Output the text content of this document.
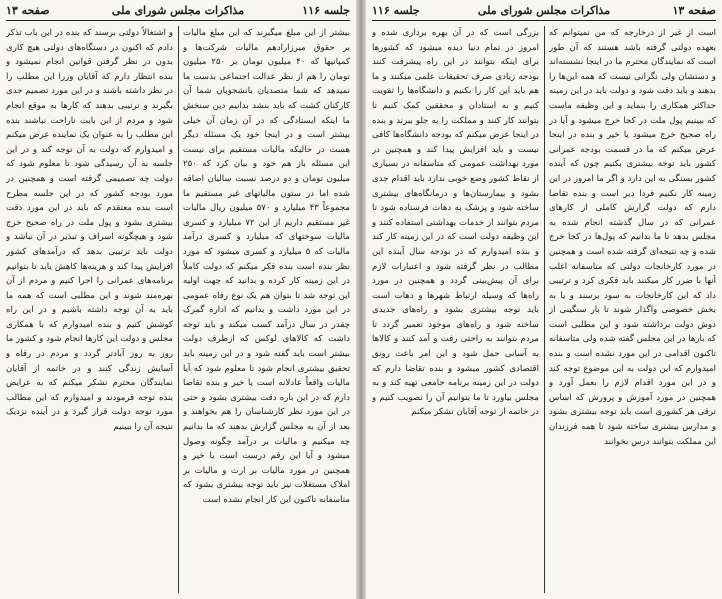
جلسه ۱۱۶
مذاکرات مجلس شورای ملی
صفحه ۱۳

بیشتر از این مبلغ میگیرند که این مبلغ مالیات بر حقوق میرزارادهم مالیات شرکت‌ها و کمپانیها که ۴۰ میلیون تومان بر ۲۵۰ میلیون تومان را هم از نظر عدالت اجتماعی بدست ما نمیدهد که شما متصدیان بانشجویان شما آن کارکنان کشت که باید بنشد بدانیم دین سنخش ما اینکه ایستادگی که در آن زمان آن خیلی بیشتر است و در اینجا خود یک مسئله دیگر هست در حالیکه مالیات مستقیم برای نیست این مسئله باز هم خود و بیان کرد که ۲۵۰ میلیون تومان و دو درصد نسبت سالیان اضافه شده اما در ستون مالیاتهای غیر مستقیم ما مجموعاً ۴۳ میلیارد و ۵۷۰ میلیون ریال مالیات غیر مستقیم داریم از این ۷۲ میلیارد و کسری مالیات سوختهای که میلیارد و کسری درآمد مالیات که ۵ میلیارد و کسری میشود که مورد نظر بنده است بنده فکر میکنم که دولت کاملاً در این زمینه کار کرده و بدانید که جهت اولیه این توجه شد تا بتوان هم یک نوع رفاه عمومی در این مورد داشت و بدانیم که اداره گمرک چقدر در سال درآمد کسب میکند و باید توجه داشت که کالاهای لوکس که ازطرف دولت بیشتر است باید گفته شود و در این زمینه باید تحقیق بیشتری انجام شود تا معلوم شود که آیا مالیات واقعاً عادلانه است یا خیر و بنده تقاضا دارم که در این باره دقت بیشتری بشود و حتی در این مورد نظر کارشناسان را هم بخواهند و بعد از آن به مجلس گزارش بدهند که ما بدانیم چه میکنیم و مالیات بر درآمد چگونه وصول میشود و آیا این رقم درست است یا خیر و همچنین در مورد مالیات بر ارث و مالیات بر املاک مستغلات نیز باید توجه بیشتری بشود که متاسفانه تاکنون این کار انجام نشده است

و اشتغالاً دولتی برسند که بنده در این باب تذکر دادم که اکنون در دستگاه‌های دولتی هیچ کاری بدون در نظر گرفتن قوانین انجام نمیشود و بنده انتظار دارم که آقایان وزرا این مطلب را در نظر داشته باشند و در این مورد تصمیم جدی بگیرند و ترتیبی بدهند که کارها به موقع انجام شود و مردم از این بابت ناراحت نباشند بنده این مطلب را به عنوان یک نماینده عرض میکنم و امیدوارم که دولت به آن توجه کند و در این جلسه به آن رسیدگی شود تا معلوم شود که دولت چه تصمیمی گرفته است و همچنین در مورد بودجه کشور که در این جلسه مطرح است بنده معتقدم که باید در این مورد دقت بیشتری بشود و پول ملت در راه صحیح خرج شود و هیچگونه اسراف و تبذیر در آن نباشد و دولت باید ترتیبی بدهد که درآمدهای کشور افزایش پیدا کند و هزینه‌ها کاهش یابد تا بتوانیم برنامه‌های عمرانی را اجرا کنیم و مردم از آن بهره‌مند شوند و این مطلبی است که همه ما باید به آن توجه داشته باشیم و در این راه کوشش کنیم و بنده امیدوارم که با همکاری مجلس و دولت این کارها انجام شود و کشور ما روز به روز آبادتر گردد و مردم در رفاه و آسایش زندگی کنند و در خاتمه از آقایان نمایندگان محترم تشکر میکنم که به عرایض بنده توجه فرمودند و امیدوارم که این مطالب مورد توجه دولت قرار گیرد و در آینده نزدیک نتیجه آن را ببینیم

صفحه ۱۳
مذاکرات مجلس شورای ملی
جلسه ۱۱۶

است از غیر از درخارجه که من نمیتوانم که بعهده دولتی گرفته باشد هستند که آن طور است که نمایندگان محترم ما در اینجا نشسته‌اند و دستشان ولی نگرانی نیست که همه این‌ها را بدهند و باید دقت شود و دولت باید در این زمینه حداکثر همکاری را بنماید و این وظیفه ماست که ببینیم پول ملت در کجا خرج میشود و آیا در راه صحیح خرج میشود یا خیر و بنده در اینجا عرض میکنم که ما در قسمت بودجه عمرانی کشور باید توجه بیشتری بکنیم چون که آینده کشور بستگی به این دارد و اگر ما امروز در این زمینه کار نکنیم فردا دیر است و بنده تقاضا دارم که دولت گزارش کاملی از کارهای عمرانی که در سال گذشته انجام شده به مجلس بدهد تا ما بدانیم که پول‌ها در کجا خرج شده و چه نتیجه‌ای گرفته شده است و همچنین در مورد کارخانجات دولتی که متاسفانه اغلب آنها با ضرر کار میکنند باید فکری کرد و ترتیبی داد که این کارخانجات به سود برسند و یا به بخش خصوصی واگذار شوند تا بار سنگینی از دوش دولت برداشته شود و این مطلبی است که بارها در این مجلس گفته شده ولی متاسفانه تاکنون اقدامی در این مورد نشده است و بنده امیدوارم که این دولت به این موضوع توجه کند و در این مورد اقدام لازم را بعمل آورد و همچنین در مورد آموزش و پرورش که اساس ترقی هر کشوری است باید توجه بیشتری بشود و مدارس بیشتری ساخته شود تا همه فرزندان این مملکت بتوانند درس بخوانند

بزرگی است که در آن بهره برداری شده و امروز در تمام دنیا دیده میشود که کشورها برای اینکه بتوانند در این راه پیشرفت کنند بودجه زیادی صرف تحقیقات علمی میکنند و ما هم باید این کار را بکنیم و دانشگاه‌ها را تقویت کنیم و به استادان و محققین کمک کنیم تا بتوانند کار کنند و مملکت را به جلو ببرند و بنده در اینجا عرض میکنم که بودجه دانشگاه‌ها کافی نیست و باید افزایش پیدا کند و همچنین در مورد بهداشت عمومی که متاسفانه در بسیاری از نقاط کشور وضع خوبی ندارد باید اقدام جدی بشود و بیمارستان‌ها و درمانگاه‌های بیشتری ساخته شود و پزشک به دهات فرستاده شود تا مردم بتوانند از خدمات بهداشتی استفاده کنند و این وظیفه دولت است که در این زمینه کار کند و بنده امیدوارم که در بودجه سال آینده این مطالب در نظر گرفته شود و اعتبارات لازم برای آن پیش‌بینی گردد و همچنین در مورد راه‌ها که وسیله ارتباط شهرها و دهات است باید توجه بیشتری بشود و راه‌های جدیدی ساخته شود و راه‌های موجود تعمیر گردد تا مردم بتوانند به راحتی رفت و آمد کنند و کالاها به آسانی حمل شود و این امر باعث رونق اقتصادی کشور میشود و بنده تقاضا دارم که دولت در این زمینه برنامه جامعی تهیه کند و به مجلس بیاورد تا ما بتوانیم آن را تصویب کنیم و در خاتمه از توجه آقایان تشکر میکنم
